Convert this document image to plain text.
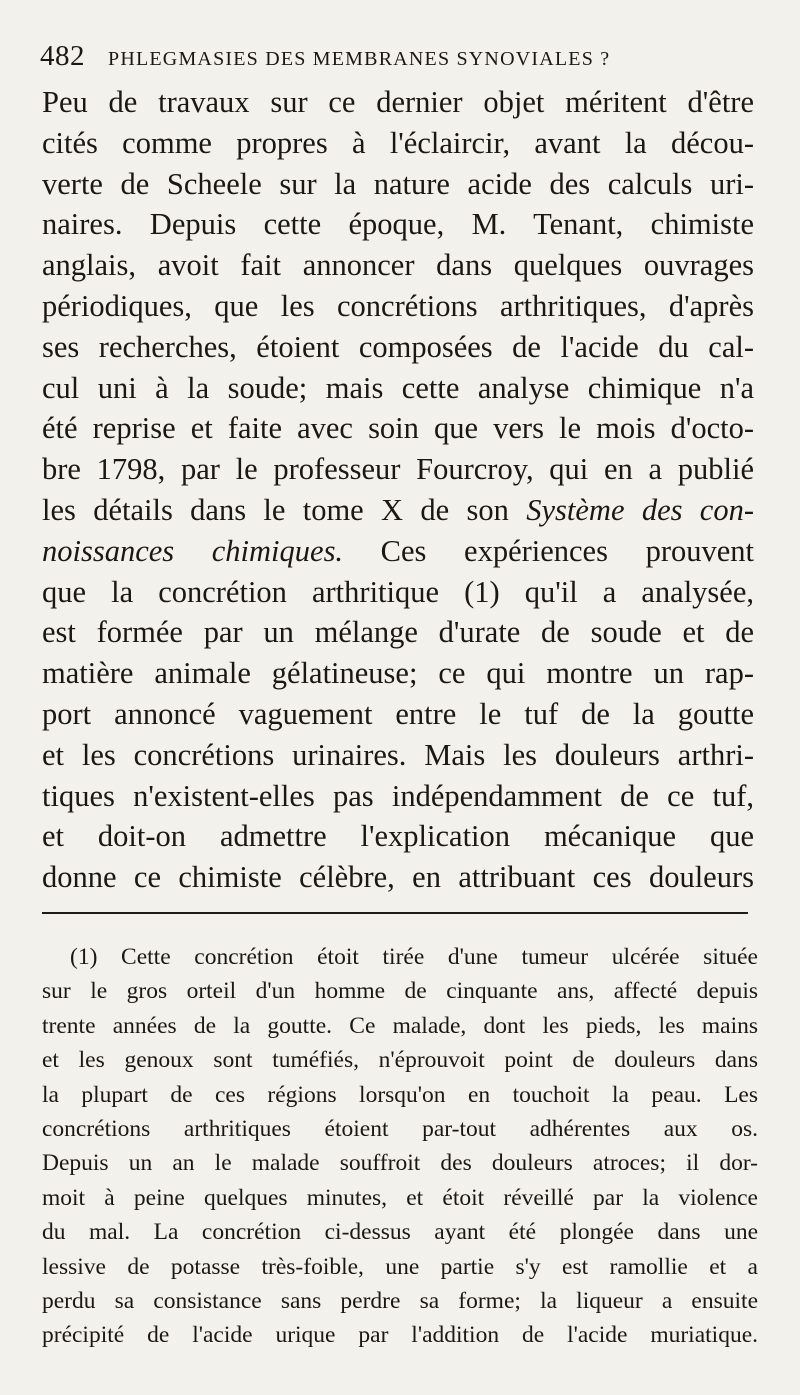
482	PHLEGMASIES DES MEMBRANES SYNOVIALES ?
Peu de travaux sur ce dernier objet méritent d'être
cités comme propres à l'éclaircir, avant la décou-
verte de Scheele sur la nature acide des calculs uri-
naires. Depuis cette époque, M. Tenant, chimiste
anglais, avoit fait annoncer dans quelques ouvrages
périodiques, que les concrétions arthritiques, d'après
ses recherches, étoient composées de l'acide du cal-
cul uni à la soude; mais cette analyse chimique n'a
été reprise et faite avec soin que vers le mois d'octo-
bre 1798, par le professeur Fourcroy, qui en a publié
les détails dans le tome X de son Système des con-
noissances chimiques. Ces expériences prouvent
que la concrétion arthritique (1) qu'il a analysée,
est formée par un mélange d'urate de soude et de
matière animale gélatineuse; ce qui montre un rap-
port annoncé vaguement entre le tuf de la goutte
et les concrétions urinaires. Mais les douleurs arthri-
tiques n'existent-elles pas indépendamment de ce tuf,
et doit-on admettre l'explication mécanique que
donne ce chimiste célèbre, en attribuant ces douleurs
(1) Cette concrétion étoit tirée d'une tumeur ulcérée située
sur le gros orteil d'un homme de cinquante ans, affecté depuis
trente années de la goutte. Ce malade, dont les pieds, les mains
et les genoux sont tuméfiés, n'éprouvoit point de douleurs dans
la plupart de ces régions lorsqu'on en touchoit la peau. Les
concrétions arthritiques étoient par-tout adhérentes aux os.
Depuis un an le malade souffroit des douleurs atroces; il dor-
moit à peine quelques minutes, et étoit réveillé par la violence
du mal. La concrétion ci-dessus ayant été plongée dans une
lessive de potasse très-foible, une partie s'y est ramollie et a
perdu sa consistance sans perdre sa forme; la liqueur a ensuite
précipité de l'acide urique par l'addition de l'acide muriatique.
